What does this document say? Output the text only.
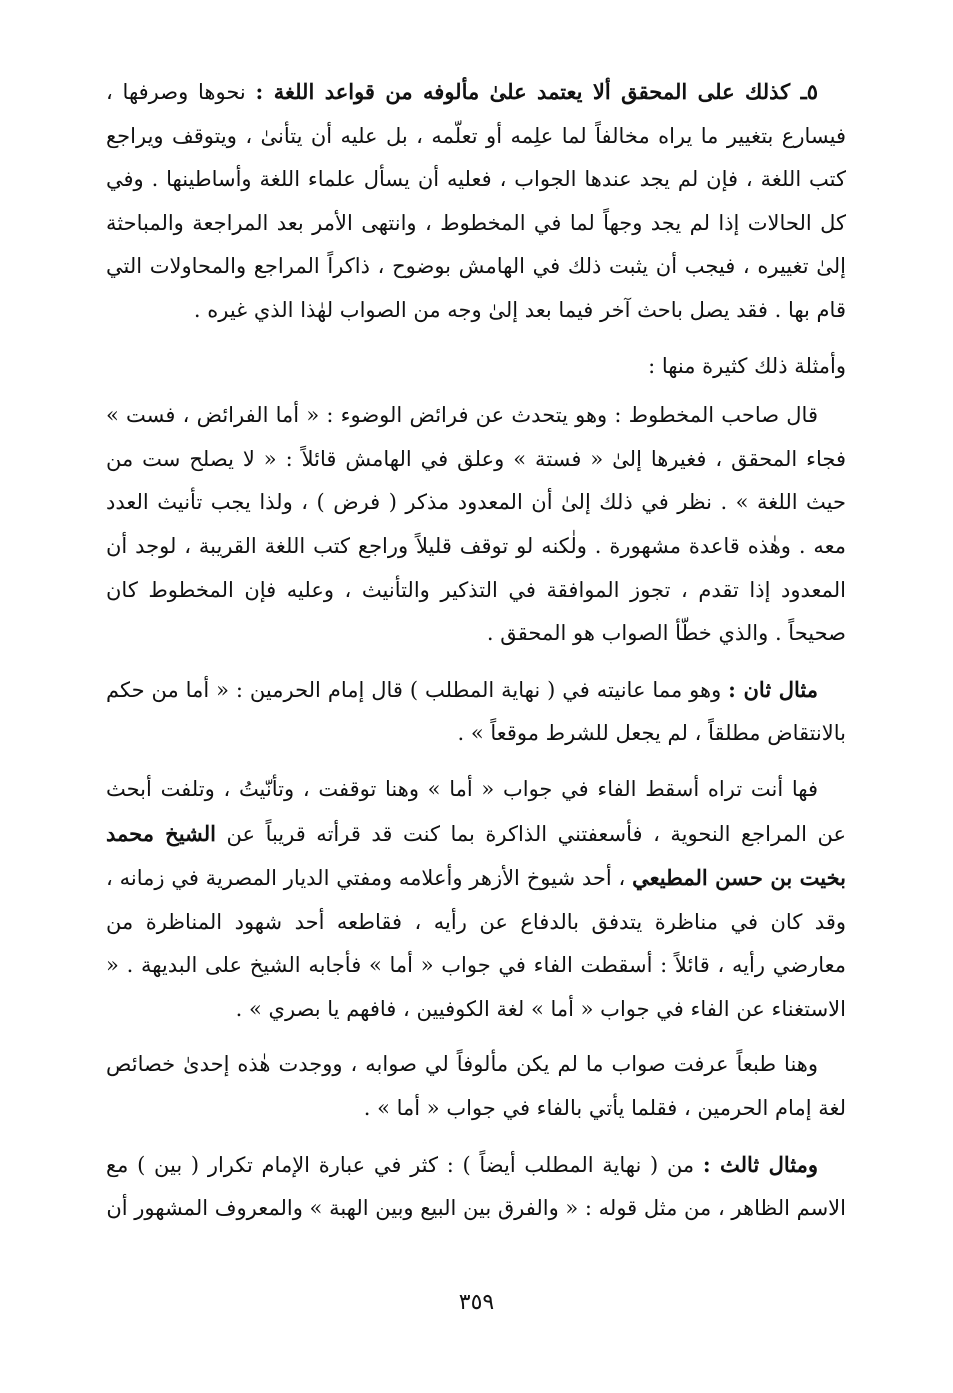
٥ـ كذلك على المحقق ألا يعتمد علىٰ مألوفه من قواعد اللغة : نحوها وصرفها ، فيسارع بتغيير ما يراه مخالفاً لما علِمه أو تعلّمه ، بل عليه أن يتأنىٰ ، ويتوقف ويراجع كتب اللغة ، فإن لم يجد عندها الجواب ، فعليه أن يسأل علماء اللغة وأساطينها . وفي كل الحالات إذا لم يجد وجهاً لما في المخطوط ، وانتهى الأمر بعد المراجعة والمباحثة إلىٰ تغييره ، فيجب أن يثبت ذلك في الهامش بوضوح ، ذاكراً المراجع والمحاولات التي قام بها . فقد يصل باحث آخر فيما بعد إلىٰ وجه من الصواب لهٰذا الذي غيره .

وأمثلة ذلك كثيرة منها :

قال صاحب المخطوط : وهو يتحدث عن فرائض الوضوء : « أما الفرائض ، فست » فجاء المحقق ، فغيرها إلىٰ « فستة » وعلق في الهامش قائلاً : « لا يصلح ست من حيث اللغة » . نظر في ذلك إلىٰ أن المعدود مذكر ( فرض ) ، ولذا يجب تأنيث العدد معه . وهٰذه قاعدة مشهورة . ولٰكنه لو توقف قليلاً وراجع كتب اللغة القريبة ، لوجد أن المعدود إذا تقدم ، تجوز الموافقة في التذكير والتأنيث ، وعليه فإن المخطوط كان صحيحاً . والذي خطّأ الصواب هو المحقق .

مثال ثان : وهو مما عانيته في ( نهاية المطلب ) قال إمام الحرمين : « أما من حكم بالانتقاض مطلقاً ، لم يجعل للشرط موقعاً » .

فها أنت تراه أسقط الفاء في جواب « أما » وهنا توقفت ، وتأنّيتُ ، وتلفت أبحث عن المراجع النحوية ، فأسعفتني الذاكرة بما كنت قد قرأته قريباً عن الشيخ محمد بخيت بن حسن المطيعي ، أحد شيوخ الأزهر وأعلامه ومفتي الديار المصرية في زمانه ، وقد كان في مناظرة يتدفق بالدفاع عن رأيه ، فقاطعه أحد شهود المناظرة من معارضي رأيه ، قائلاً : أسقطت الفاء في جواب « أما » فأجابه الشيخ على البديهة . « الاستغناء عن الفاء في جواب « أما » لغة الكوفيين ، فافهم يا بصري » .

وهنا طبعاً عرفت صواب ما لم يكن مألوفاً لي صوابه ، ووجدت هٰذه إحدىٰ خصائص لغة إمام الحرمين ، فقلما يأتي بالفاء في جواب « أما » .

ومثال ثالث : من ( نهاية المطلب أيضاً ) : كثر في عبارة الإمام تكرار ( بين ) مع الاسم الظاهر ، من مثل قوله : « والفرق بين البيع وبين الهبة » والمعروف المشهور أن

٣٥٩
